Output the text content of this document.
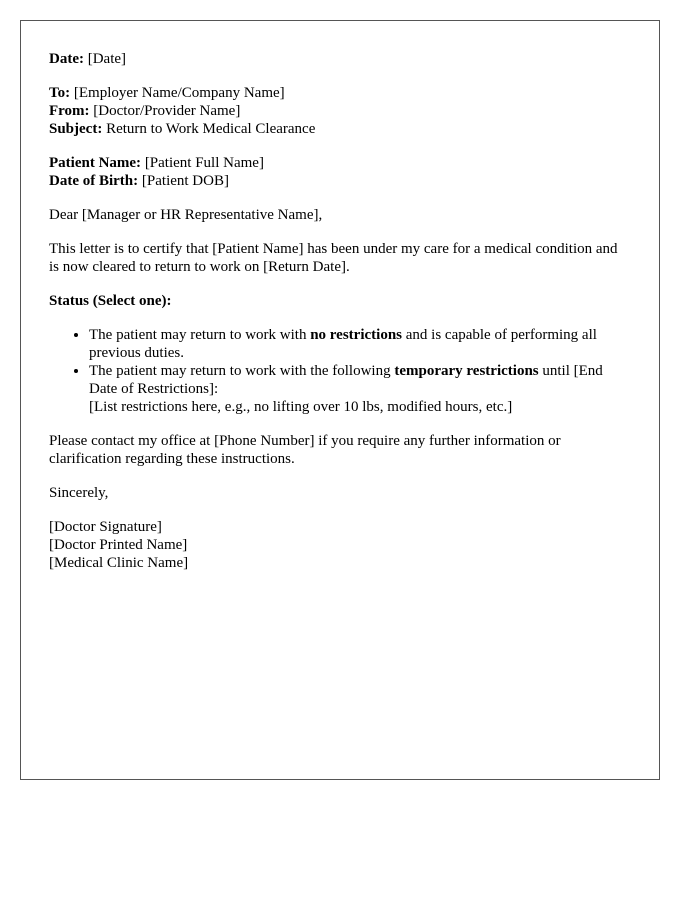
Date: [Date]

To: [Employer Name/Company Name]
From: [Doctor/Provider Name]
Subject: Return to Work Medical Clearance

Patient Name: [Patient Full Name]
Date of Birth: [Patient DOB]

Dear [Manager or HR Representative Name],

This letter is to certify that [Patient Name] has been under my care for a medical condition and is now cleared to return to work on [Return Date].

Status (Select one):

• The patient may return to work with no restrictions and is capable of performing all previous duties.
• The patient may return to work with the following temporary restrictions until [End Date of Restrictions]:
[List restrictions here, e.g., no lifting over 10 lbs, modified hours, etc.]

Please contact my office at [Phone Number] if you require any further information or clarification regarding these instructions.

Sincerely,

[Doctor Signature]
[Doctor Printed Name]
[Medical Clinic Name]
